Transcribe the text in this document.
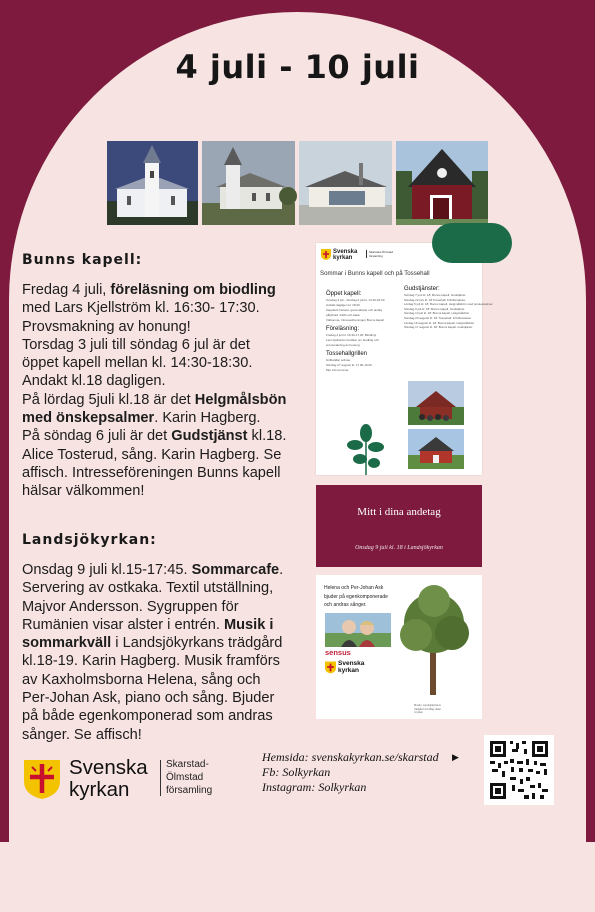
4 juli - 10 juli
Bunns kapell:

Fredag 4 juli, föreläsning om biodling

med Lars Kjellström kl. 16:30- 17:30.

Provsmakning av honung!

Torsdag 3 juli till söndag 6 jul är det

öppet kapell mellan kl. 14:30-18:30.

Andakt kl.18 dagligen.

På lördag 5juli kl.18 är det Helgmålsbön

med önskepsalmer. Karin Hagberg.

På söndag 6 juli är det Gudstjänst kl.18.

Alice Tosterud, sång. Karin Hagberg. Se

affisch. Intresseföreningen Bunns kapell

hälsar välkommen!

Landsjökyrkan:

Onsdag 9 juli kl.15-17:45. Sommarcafe.

Servering av ostkaka. Textil utställning,

Majvor Andersson. Sygruppen för

Rumänien visar alster i entrén. Musik i

sommarkväll i Landsjökyrkans trädgård

kl.18-19. Karin Hagberg. Musik framförs

av Kaxholmsborna Helena, sång och

Per-Johan Ask, piano och sång. Bjuder

på både egenkomponerad som andras

sånger. Se affisch!

Svenska
kyrkan
Skarstad-Ölmstad församling
Sommar i Bunns kapell och på Tossehall
Öppet kapell:
Torsdag 3 juli - Söndag 6 juli kl. 14.30-18.30.
Andakt dagligen kl. 18.00
Kapellets historia, gammalstyle och andlig
påfyllnad. Kaffe och kaka.
Välkomna, Intresseföreningen Bunns kapell
Föreläsning:
Fredag 4 juli kl. 16.30-17.30: Biodling!
Lars Kjellström berättar om biodling och
provsmakning av honung.
Tossehallgrillen
Grillkvällar ordnas.
Söndag 27 augusti kl. 17.00-19.00.
Mer info kommer.
Gudstjänster:
Söndag 7 juni kl. 18: Bunns kapell, Gudstjänst.
Söndag 22 juni kl. 18 Tossehall: Friluftsmässa.
Lördag 5 juli kl. 18: Bunns kapell, Helgmålsbön med önskepsalmer.
Söndag 6 juli kl. 18: Bunns kapell, Gudstjänst.
Söndag 13 juli kl. 18: Bunns kapell, Helgmålsbön.
Söndag 20 augusti kl. 18: Tossehall, Friluftsmässa.
Lördag 16 augusti kl. 18: Bunns kapell, Helgmålsbön.
Söndag 17 augusti kl. 18: Bunns kapell, Gudstjänst.
Mitt i dina andetag
Onsdag 9 juli kl. 18 i Landsjökyrkan
Helena och Per-Johan Ask
bjuder på egenkomponerade
och andras sånger.
sensus
Svenska
kyrkan
Musik i Landsjökyrkans
trädgård vid dålig väder
i kyrkan
Svenska
kyrkan
Skarstad-
Ölmstad
församling
Hemsida: svenskakyrkan.se/skarstad
Fb: Solkyrkan
Instagram: Solkyrkan
▶
